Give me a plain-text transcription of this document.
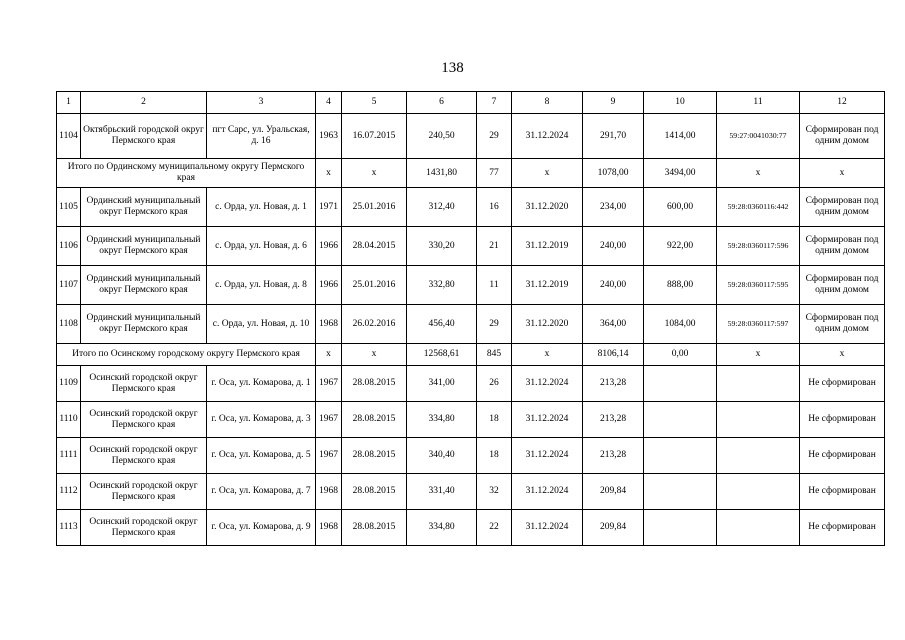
138
1	2	3	4	5	6	7	8	9	10	11	12
1104	Октябрьский городской округ Пермского края	пгт Сарс, ул. Уральская, д. 16	1963	16.07.2015	240,50	29	31.12.2024	291,70	1414,00	59:27:0041030:77	Сформирован под одним домом
Итого по Ординскому муниципальному округу Пермского края			x	x	1431,80	77	x	1078,00	3494,00	x	x
1105	Ординский муниципальный округ Пермского края	с. Орда, ул. Новая, д. 1	1971	25.01.2016	312,40	16	31.12.2020	234,00	600,00	59:28:0360116:442	Сформирован под одним домом
1106	Ординский муниципальный округ Пермского края	с. Орда, ул. Новая, д. 6	1966	28.04.2015	330,20	21	31.12.2019	240,00	922,00	59:28:0360117:596	Сформирован под одним домом
1107	Ординский муниципальный округ Пермского края	с. Орда, ул. Новая, д. 8	1966	25.01.2016	332,80	11	31.12.2019	240,00	888,00	59:28:0360117:595	Сформирован под одним домом
1108	Ординский муниципальный округ Пермского края	с. Орда, ул. Новая, д. 10	1968	26.02.2016	456,40	29	31.12.2020	364,00	1084,00	59:28:0360117:597	Сформирован под одним домом
Итого по Осинскому городскому округу Пермского края			x	x	12568,61	845	x	8106,14	0,00	x	x
1109	Осинский городской округ Пермского края	г. Оса, ул. Комарова, д. 1	1967	28.08.2015	341,00	26	31.12.2024	213,28			Не сформирован
1110	Осинский городской округ Пермского края	г. Оса, ул. Комарова, д. 3	1967	28.08.2015	334,80	18	31.12.2024	213,28			Не сформирован
1111	Осинский городской округ Пермского края	г. Оса, ул. Комарова, д. 5	1967	28.08.2015	340,40	18	31.12.2024	213,28			Не сформирован
1112	Осинский городской округ Пермского края	г. Оса, ул. Комарова, д. 7	1968	28.08.2015	331,40	32	31.12.2024	209,84			Не сформирован
1113	Осинский городской округ Пермского края	г. Оса, ул. Комарова, д. 9	1968	28.08.2015	334,80	22	31.12.2024	209,84			Не сформирован
